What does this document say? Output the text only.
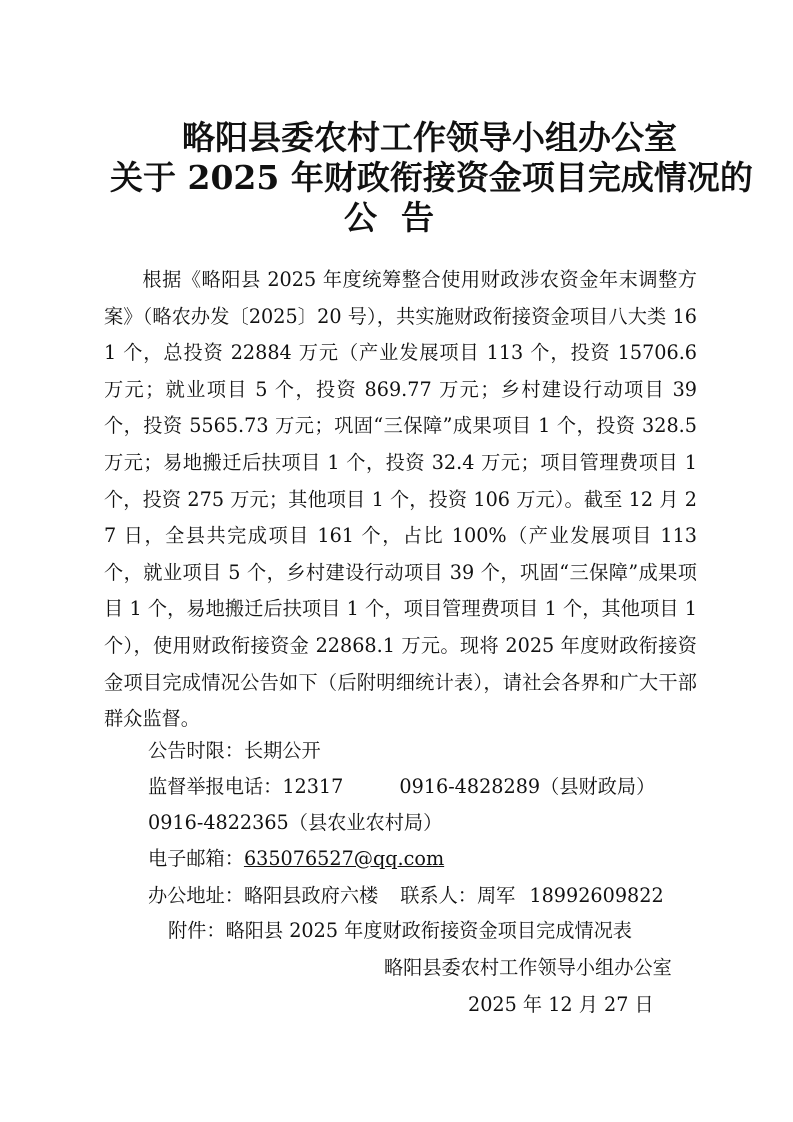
略阳县委农村工作领导小组办公室
关于 2025 年财政衔接资金项目完成情况的
公告
根据《略阳县 2025 年度统筹整合使用财政涉农资金年末调整方案》（略农办发〔2025〕20 号），共实施财政衔接资金项目八大类 161 个，总投资 22884 万元（产业发展项目 113 个，投资 15706.6 万元；就业项目 5 个，投资 869.77 万元；乡村建设行动项目 39 个，投资 5565.73 万元；巩固“三保障”成果项目 1 个，投资 328.5 万元；易地搬迁后扶项目 1 个，投资 32.4 万元；项目管理费项目 1 个，投资 275 万元；其他项目 1 个，投资 106 万元）。截至 12 月 27 日，全县共完成项目 161 个，占比 100%（产业发展项目 113 个，就业项目 5 个，乡村建设行动项目 39 个，巩固“三保障”成果项目 1 个，易地搬迁后扶项目 1 个，项目管理费项目 1 个，其他项目 1 个），使用财政衔接资金 22868.1 万元。现将 2025 年度财政衔接资金项目完成情况公告如下（后附明细统计表），请社会各界和广大干部群众监督。
公告时限：长期公开
监督举报电话：12317	0916-4828289（县财政局）
0916-4822365（县农业农村局）
电子邮箱：635076527@qq.com
办公地址：略阳县政府六楼 联系人：周军 18992609822
附件：略阳县 2025 年度财政衔接资金项目完成情况表
略阳县委农村工作领导小组办公室
2025 年 12 月 27 日
